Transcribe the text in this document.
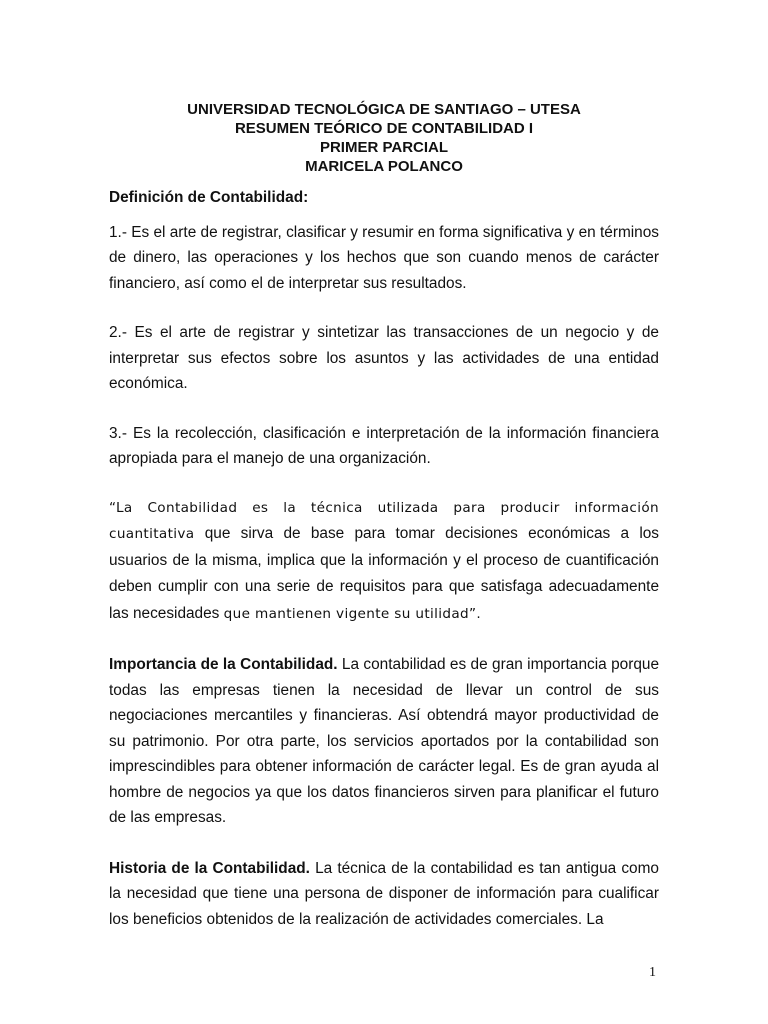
UNIVERSIDAD TECNOLÓGICA DE SANTIAGO – UTESA
RESUMEN TEÓRICO DE CONTABILIDAD I
PRIMER PARCIAL
MARICELA POLANCO

Definición de Contabilidad:

1.- Es el arte de registrar, clasificar y resumir en forma significativa y en términos de dinero, las operaciones y los hechos que son cuando menos de carácter financiero, así como el de interpretar sus resultados.

2.- Es el arte de registrar y sintetizar las transacciones de un negocio y de interpretar sus efectos sobre los asuntos y las actividades de una entidad económica.

3.- Es la recolección, clasificación e interpretación de la información financiera apropiada para el manejo de una organización.

“La Contabilidad es la técnica utilizada para producir información cuantitativa que sirva de base para tomar decisiones económicas a los usuarios de la misma, implica que la información y el proceso de cuantificación deben cumplir con una serie de requisitos para que satisfaga adecuadamente las necesidades que mantienen vigente su utilidad”.

Importancia de la Contabilidad. La contabilidad es de gran importancia porque todas las empresas tienen la necesidad de llevar un control de sus negociaciones mercantiles y financieras. Así obtendrá mayor productividad de su patrimonio. Por otra parte, los servicios aportados por la contabilidad son imprescindibles para obtener información de carácter legal. Es de gran ayuda al hombre de negocios ya que los datos financieros sirven para planificar el futuro de las empresas.

Historia de la Contabilidad. La técnica de la contabilidad es tan antigua como la necesidad que tiene una persona de disponer de información para cualificar los beneficios obtenidos de la realización de actividades comerciales. La

1
